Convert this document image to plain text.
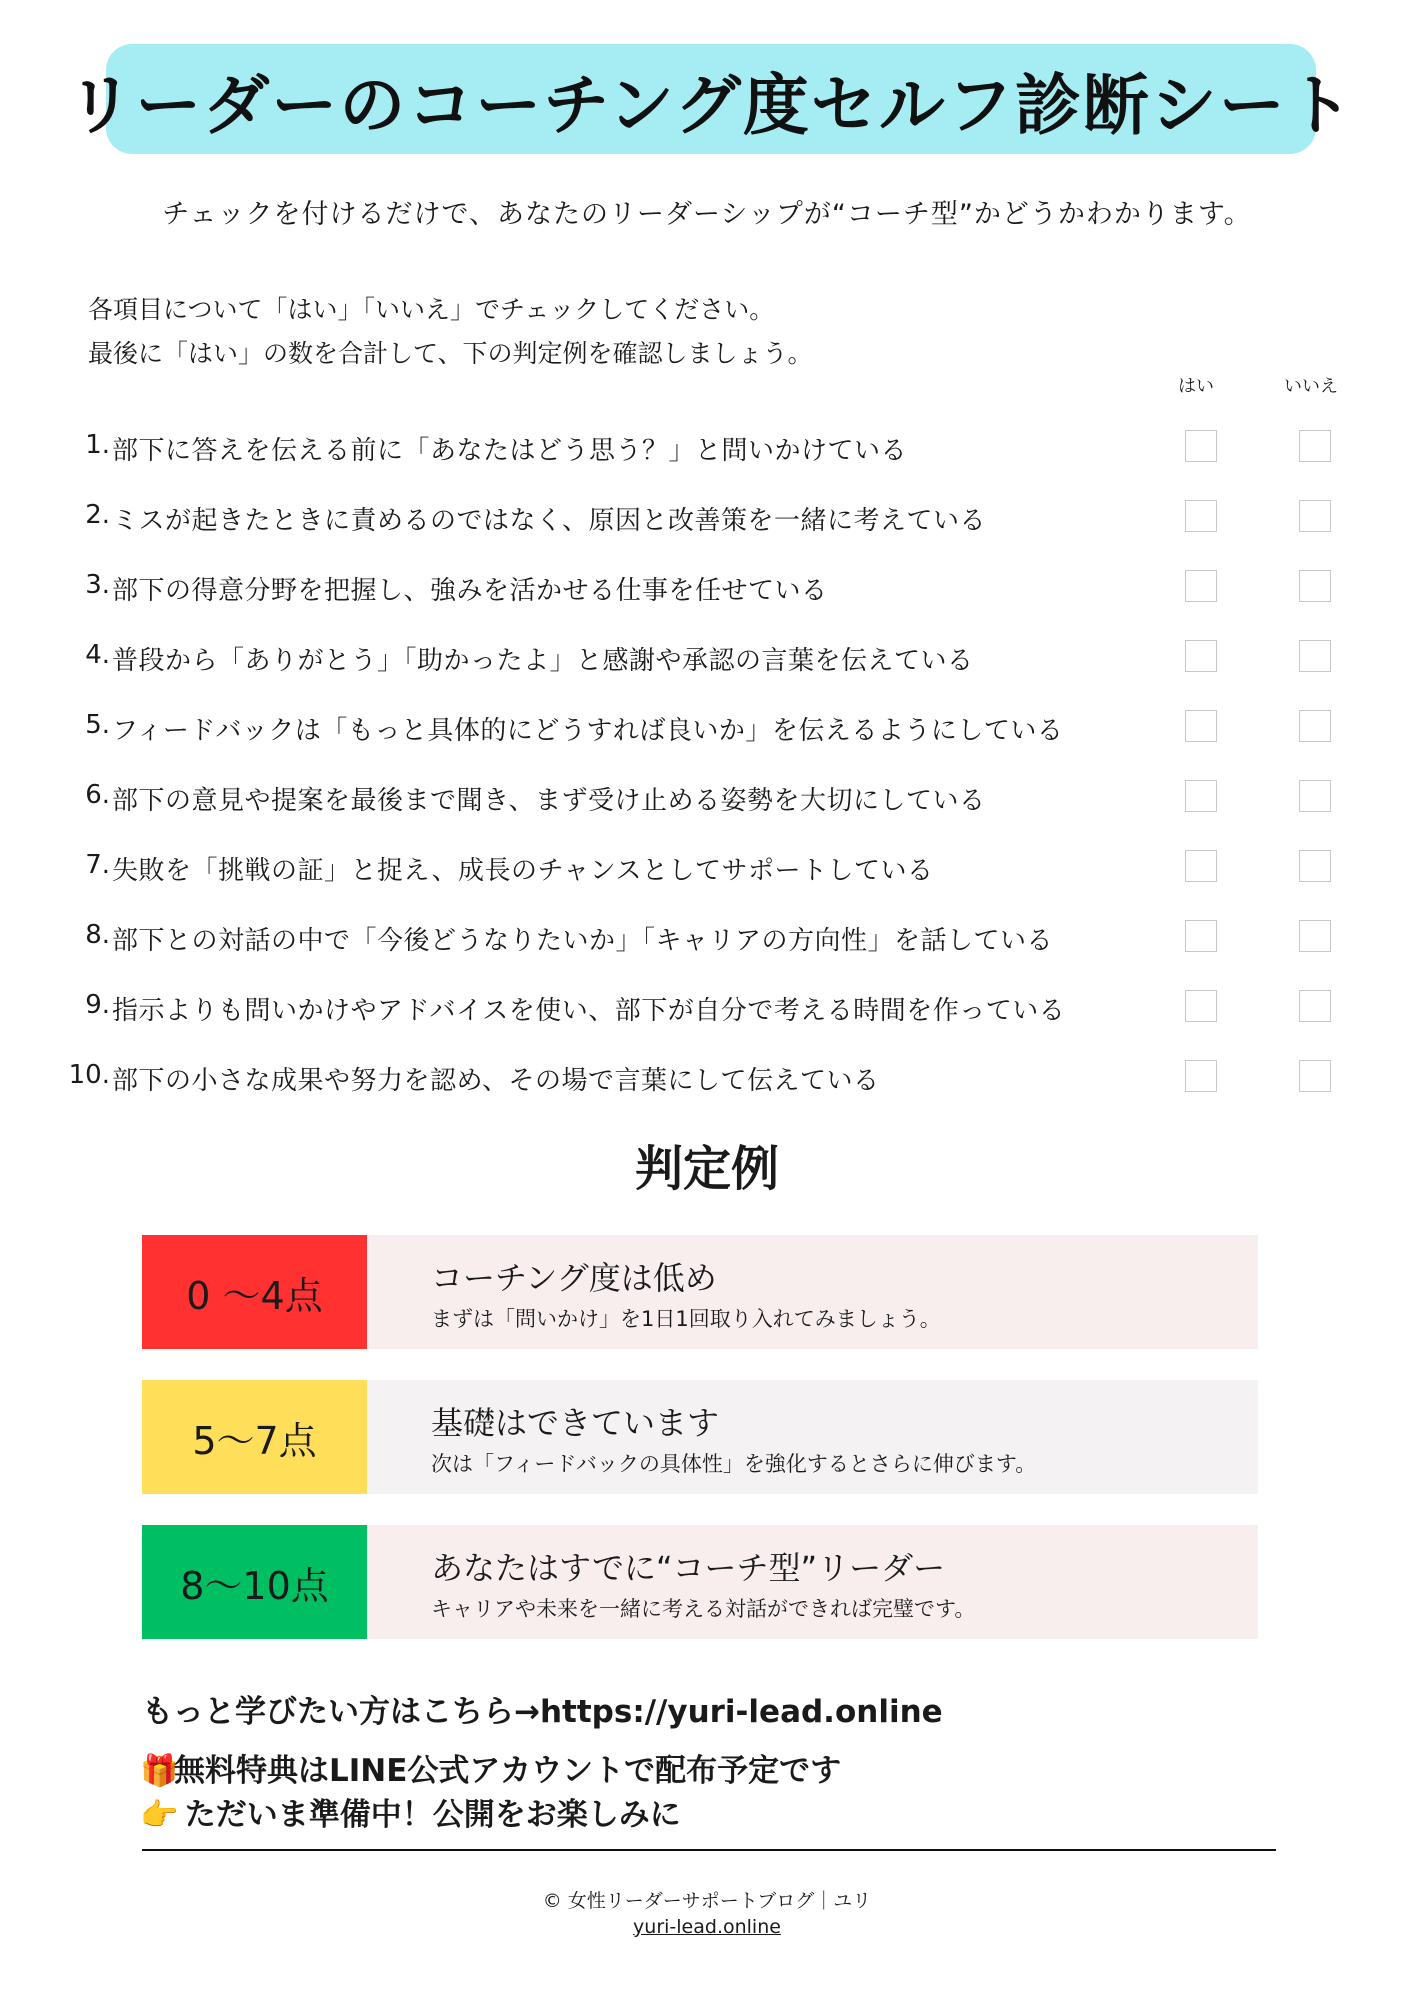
リーダーのコーチング度セルフ診断シート
チェックを付けるだけで、あなたのリーダーシップが“コーチ型”かどうかわかります。
各項目について「はい」「いいえ」でチェックしてください。
最後に「はい」の数を合計して、下の判定例を確認しましょう。
はい	いいえ
1. 部下に答えを伝える前に「あなたはどう思う？」と問いかけている
2. ミスが起きたときに責めるのではなく、原因と改善策を一緒に考えている
3. 部下の得意分野を把握し、強みを活かせる仕事を任せている
4. 普段から「ありがとう」「助かったよ」と感謝や承認の言葉を伝えている
5. フィードバックは「もっと具体的にどうすれば良いか」を伝えるようにしている
6. 部下の意見や提案を最後まで聞き、まず受け止める姿勢を大切にしている
7. 失敗を「挑戦の証」と捉え、成長のチャンスとしてサポートしている
8. 部下との対話の中で「今後どうなりたいか」「キャリアの方向性」を話している
9. 指示よりも問いかけやアドバイスを使い、部下が自分で考える時間を作っている
10. 部下の小さな成果や努力を認め、その場で言葉にして伝えている
判定例
0 〜4点	コーチング度は低め
まずは「問いかけ」を1日1回取り入れてみましょう。
5〜7点	基礎はできています
次は「フィードバックの具体性」を強化するとさらに伸びます。
8〜10点	あなたはすでに“コーチ型”リーダー
キャリアや未来を一緒に考える対話ができれば完璧です。
もっと学びたい方はこちら→https://yuri-lead.online
🎁無料特典はLINE公式アカウントで配布予定です
👉 ただいま準備中！公開をお楽しみに
© 女性リーダーサポートブログ｜ユリ
yuri-lead.online
